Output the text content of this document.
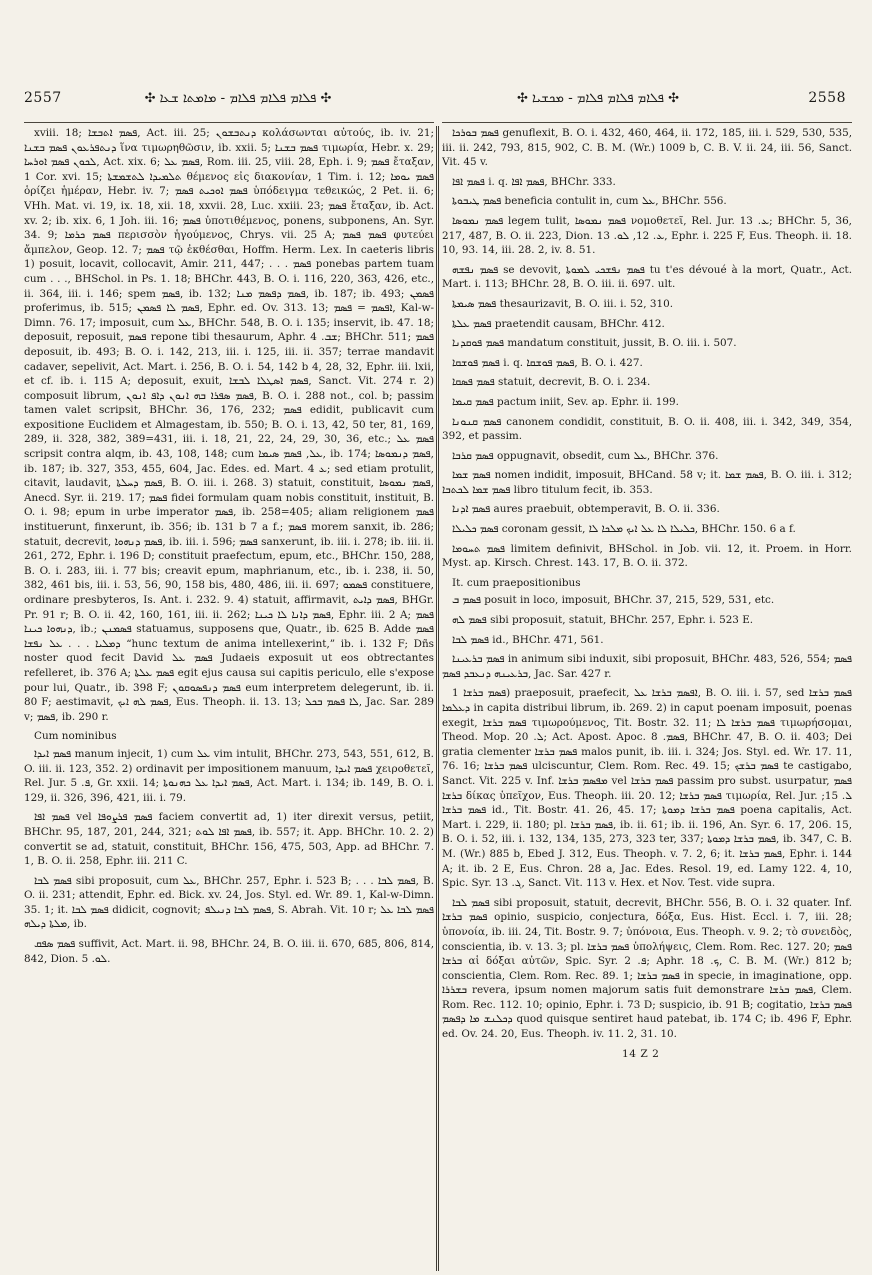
2557	✣ ܦܠܐܡ ܦܠܐܡ ܦܠܐܡ - ܡܐܡܬܐ ܫܥܐ ✣	✣ ܦܠܐܡ ܦܠܐܡ ܦܠܐܡ - ܡܟܫܝܐ ✣	2558

xviii. 18; ܦܣܡ ܐܬܒܫܐ, Act. iii. 25; ܕܢܬܒܫܘܢ κολάσωνται αὐτούς, ib. iv. 21; ܕܢܬܦܪܥܘܢ ܦܣܡ ܒܫܢܐ ἵνα τιμωρηθῶσιν, ib. xxii. 5; ܦܣܡ ܒܫܢܐ τιμωρία, Hebr. x. 29; ܠܟܘܢ ܦܣܡ ܐܘܪܚܐ, Act. xix. 6; ܦܣܡ ܥܠ, Rom. iii. 25, viii. 28, Eph. i. 9; ܦܣܡ ἔταξαν, 1 Cor. xvi. 15; ܬܠܡܝܕܐ ܠܬܫܡܫܬܐ θέμενος εἰς διακονίαν, 1 Tim. i. 12; ܦܣܡ ܝܘܡܐ ὁρίζει ἡμέραν, Hebr. iv. 7; ܦܣܡ ܐܘܟܝܬ ܦܣܡ ὑπόδειγμα τεθεικώς, 2 Pet. ii. 6; VHh. Mat. vi. 19, ix. 18, xii. 18, xxvii. 28, Luc. xxiii. 23; ܦܣܡ ἔταξαν, ib. Act. xv. 2; ib. xix. 6, 1 Joh. iii. 16; ܦܣܡ ὑποτιθέμενος, ponens, subponens, An. Syr. 34. 9; ܦܣܡ ܟܪܡܐ περισσὸν ἡγούμενος, Chrys. vii. 25 A; ܦܣܡ ܦܣܡ φυτεύει ἄμπελον, Geop. 12. 7; ܦܣܡ τῷ ἐκθέσθαι, Hoffm. Herm. Lex. In caeteris libris 1) posuit, locavit, collocavit, Amir. 211, 447; . . . ܦܣܡ ponebas partem tuam cum . . ., BHSchol. in Ps. 1. 18; BHChr. 443, B. O. i. 116, 220, 363, 426, etc., ii. 364, iii. i. 146; spem ܦܣܡ, ib. 132; ܦܣܡ ܕܦܣܡ ܡܢܐ, ib. 187; ib. 493; ܦܣܡܢ proferimus, ib. 515; ܦܣܡ ܠܐ ܦܣܡܢ, Ephr. ed. Ov. 313. 13; ܐܦܣܡ = ܦܣܡ, Kal-w-Dimn. 76. 17; imposuit, cum ܥܠ, BHChr. 548, B. O. i. 135; inservit, ib. 47. 18; deposuit, reposuit, ܦܣܡ repone tibi thesaurum, Aphr. ܫܒ. 4; BHChr. 511; ܦܣܡ deposuit, ib. 493; B. O. i. 142, 213, iii. i. 125, iii. ii. 357; terrae mandavit cadaver, sepelivit, Act. Mart. i. 256, B. O. i. 54, 142 b 4, 28, 32, Ephr. iii. lxii, et cf. ib. i. 115 A; deposuit, exuit, ܦܣܡ ܐܣܛܠܐ ܠܒܫܐ, Sanct. Vit. 274 r. 2) composuit librum, ܦܣܡ ܣܦܪܐ ܒܗ ܐܢܘܢ ܕܐܦ ܐܢܘܢ, B. O. i. 288 not., col. b; passim tamen valet scripsit, BHChr. 36, 176, 232; ܦܣܡ edidit, publicavit cum expositione Euclidem et Almagestam, ib. 550; B. O. i. 13, 42, 50 ter, 81, 169, 289, ii. 328, 382, 389=431, iii. i. 18, 21, 22, 24, 29, 30, 36, etc.; ܦܣܡ ܥܠ scripsit contra alqm, ib. 43, 108, 148; cum ܥܠ, ܦܣܡ ܣܝܡܐ, ib. 174; ܦܣܡ ܕܢܡܘܣܐ, ib. 187; ib. 327, 353, 455, 604, Jac. Edes. ed. Mart. ܥ 4; sed etiam protulit, citavit, laudavit, ܦܣܡ ܕܚܠܬܐ, B. O. iii. i. 268. 3) statuit, constituit, ܦܣܡ ܢܡܘܣܐ, Anecd. Syr. ii. 219. 17; ܦܣܡ fidei formulam quam nobis constituit, instituit, B. O. i. 98; epum in urbe imperator ܦܣܡ, ib. 258=405; aliam religionem ܦܣܡ instituerunt, finxerunt, ib. 356; ib. 131 b 7 a f.; ܦܣܡ morem sanxit, ib. 286; statuit, decrevit, ܦܣܡ ܕܢܗܘܐ, ib. iii. i. 596; ܦܣܡ sanxerunt, ib. iii. i. 278; ib. iii. ii. 261, 272, Ephr. i. 196 D; constituit praefectum, epum, etc., BHChr. 150, 288, B. O. i. 283, iii. i. 77 bis; creavit epum, maphrianum, etc., ib. i. 238, ii. 50, 382, 461 bis, iii. i. 53, 56, 90, 158 bis, 480, 486, iii. ii. 697; ܦܣܡܘ constituere, ordinare presbyteros, Is. Ant. i. 232. 9. 4) statuit, affirmavit, ܦܣܡ ܕܐܝܬ, BHGr. Pr. 91 r; B. O. ii. 42, 160, 161, iii. ii. 262; ܦܣܡ ܕܐܢܐ ܠܐ ܟܝܢܐ, Ephr. iii. 2 A; ܦܣܡ ܕܢܗܘܐ ܟܝܢܐ, ib.; ܦܣܡܢܢ statuamus, supposens que, Quatr., ib. 625 B. Adde ܦܣܡ ܕܡܠܝܐ . . . ܥܠ ܢܦܫܐ “hunc textum de anima intellexerint,” ib. i. 132 F; Dñs noster quod fecit David ܦܣܡ ܥܠ Judaeis exposuit ut eos obtrectantes refelleret, ib. 376 A; ܦܣܡ ܥܠܬܐ egit ejus causa sui capitis periculo, elle s'expose pour lui, Quatr., ib. 398 F; ܦܣܡ ܕܢܦܣܘܩܘܢ eum interpretem delegerunt, ib. ii. 80 F; aestimavit, ܦܣܡ ܠܗ ܐܝܟ, Eus. Theoph. ii. 13. 13; ܠܐ ܦܣܡ ܒܟܠ, Jac. Sar. 289 v; ܦܣܡ, ib. 290 r.

Cum nominibus

ܦܣܡ ܐܝܕܐ manum injecit, 1) cum ܥܠ vim intulit, BHChr. 273, 543, 551, 612, B. O. iii. ii. 123, 352. 2) ordinavit per impositionem manuum, ܦܣܡ ܐܝܕܐ χειροθετεῖ, Rel. Jur. ܦ. 5, Gr. xxii. 14; ܦܣܡ ܐܝܕܐ ܥܠ ܟܗܢܘܬܐ, Act. Mart. i. 134; ib. 149, B. O. i. 129, ii. 326, 396, 421, iii. i. 79.

ܦܣܡ ܐܦܐ vel ܦܣܡ ܦܪܨܘܦܐ faciem convertit ad, 1) iter direxit versus, petiit, BHChr. 95, 187, 201, 244, 321; ܦܣܡ ܐܦܐ ܠܘܬ, ib. 557; it. App. BHChr. 10. 2. 2) convertit se ad, statuit, constituit, BHChr. 156, 475, 503, App. ad BHChr. 7. 1, B. O. ii. 258, Ephr. iii. 211 C.

ܦܣܡ ܠܒܐ sibi proposuit, cum ܥܠ, BHChr. 257, Ephr. i. 523 B; . . . ܦܣܡ ܠܒܐ, B. O. ii. 231; attendit, Ephr. ed. Bick. xv. 24, Jos. Styl. ed. Wr. 89. 1, Kal-w-Dimn. 35. 1; it. ܦܣܡ ܠܒܐ didicit, cognovit; ܦܣܡ ܠܒܐ ܕܢܝܠܦ, S. Abrah. Vit. 10 r; ܦܣܡ ܠܒܐ ܥܠ ܡܠܬܐ ܕܝܠܗ, ib.

ܦܣܡ ܣܦܩ suffivit, Act. Mart. ii. 98, BHChr. 24, B. O. iii. ii. 670, 685, 806, 814, 842, Dion. ܠܘ. 5.

ܦܣܡ ܒܘܪܟܐ genuflexit, B. O. i. 432, 460, 464, ii. 172, 185, iii. i. 529, 530, 535, iii. ii. 242, 793, 815, 902, C. B. M. (Wr.) 1009 b, C. B. V. ii. 24, iii. 56, Sanct. Vit. 45 v.

ܦܣܡ ܐܦܐ i. q. ܦܣܡ ܐܦܐ, BHChr. 333.

ܦܣܡ ܛܝܒܘܬܐ beneficia contulit in, cum ܥܠ, BHChr. 556.

ܦܣܡ ܢܡܘܣܐ legem tulit, ܦܣܡ ܢܡܘܣܐ νομοθετεῖ, Rel. Jur. ܥ. 13; BHChr. 5, 36, 217, 487, B. O. ii. 223, Dion. ܥ. 12, ܠܘ. 13, Ephr. i. 225 F, Eus. Theoph. ii. 18. 10, 93. 14, iii. 28. 2, iv. 8. 51.

ܦܣܡ ܢܦܫܗ se devovit, ܦܣܡ ܢܦܫܟܝ ܠܡܘܬܐ tu t'es dévoué à la mort, Quatr., Act. Mart. i. 113; BHChr. 28, B. O. iii. ii. 697. ult.

ܦܣܡ ܣܝܡܬܐ thesaurizavit, B. O. iii. i. 52, 310.

ܦܣܡ ܥܠܬܐ praetendit causam, BHChr. 412.

ܦܣܡ ܦܘܩܕܢܐ mandatum constituit, jussit, B. O. iii. i. 507.

ܦܣܡ ܦܘܫܩܐ i. q. ܦܣܡ ܦܘܫܩܐ, B. O. i. 427.

ܦܣܡ ܦܣܩܐ statuit, decrevit, B. O. i. 234.

ܦܣܡ ܩܝܡܐ pactum iniit, Sev. ap. Ephr. ii. 199.

ܦܣܡ ܩܢܘܢܐ canonem condidit, constituit, B. O. ii. 408, iii. i. 342, 349, 354, 392, et passim.

ܦܣܡ ܩܪܒܐ oppugnavit, obsedit, cum ܥܠ, BHChr. 376.

ܦܣܡ ܫܡܐ nomen indidit, imposuit, BHCand. 58 v; it. ܦܣܡ ܫܡܐ, B. O. iii. i. 312; ܦܣܡ ܫܡܐ ܠܟܬܒܐ libro titulum fecit, ib. 353.

ܦܣܡ ܐܕܢܐ aures praebuit, obtemperavit, B. O. ii. 336.

ܦܣܡ ܟܠܝܠܐ coronam gessit, ܟܠܝܠܐ ܠܐ ܥܠ ܐܝܟ ܡܠܟܐ ܠܐ, BHChr. 150. 6 a f.

ܦܣܡ ܬܚܘܡܐ limitem definivit, BHSchol. in Job. vii. 12, it. Proem. in Horr. Myst. ap. Kirsch. Chrest. 143. 17, B. O. ii. 372.

It. cum praepositionibus

ܦܣܡ ܒ posuit in loco, imposuit, BHChr. 37, 215, 529, 531, etc.

ܦܣܡ ܠܗ sibi proposuit, statuit, BHChr. 257, Ephr. i. 523 E.

ܦܣܡ ܠܒܐ id., BHChr. 471, 561.

ܦܣܡ ܒܪܥܝܢܐ in animum sibi induxit, sibi proposuit, BHChr. 483, 526, 554; ܦܣܡ ܒܪܥܝܢܗ ܕܢܥܒܕ ܦܣܡ, Jac. Sar. 427 r.

ܦܣܡ ܒܪܫܐ 1) praeposuit, praefecit, ܐܦܣܡ ܒܪܫܐ ܥܠ, B. O. iii. i. 57, sed ܦܣܡ ܒܪܫܐ ܕܥܠܡܐ in capita distribui librum, ib. 269. 2) in caput poenam imposuit, poenas exegit, ܦܣܡ ܒܪܫܐ τιμωρούμενος, Tit. Bostr. 32. 11; ܦܣܡ ܒܪܫܐ ܠܐ τιμωρήσομαι, Theod. Mop. ܠ. 20; Act. Apost. Apoc. ܦܣܡ. 8, BHChr. 47, B. O. ii. 403; Dei gratia clementer ܦܣܡ ܒܪܫܐ malos punit, ib. iii. i. 324; Jos. Styl. ed. Wr. 17. 11, 76. 16; ܦܣܡ ܒܪܫܐ ulciscuntur, Clem. Rom. Rec. 49. 15; ܦܣܡ ܒܪܫܟ te castigabo, Sanct. Vit. 225 v. Inf. ܡܦܣܡ ܒܪܫܐ vel ܦܣܡ ܒܪܫܐ passim pro subst. usurpatur, ܦܣܡ ܒܪܫܐ δίκας ὑπεῖχον, Eus. Theoph. iii. 20. 12; ܦܣܡ ܒܪܫܐ τιμωρία, Rel. Jur. ܠ. 15; ܦܣܡ ܒܪܫܐ id., Tit. Bostr. 41. 26, 45. 17; ܦܣܡ ܒܪܫܐ ܕܡܘܬܐ poena capitalis, Act. Mart. i. 229, ii. 180; pl. ܦܣܡ ܒܪܫܐ, ib. ii. 61; ib. ii. 196, An. Syr. 6. 17, 206. 15, B. O. i. 52, iii. i. 132, 134, 135, 273, 323 ter, 337; ܦܣܡ ܒܪܫܐ ܕܡܘܬܐ, ib. 347, C. B. M. (Wr.) 885 b, Ebed J. 312, Eus. Theoph. v. 7. 2, 6; it. ܦܣܡ ܒܪܫܐ, Ephr. i. 144 A; it. ib. 2 E, Eus. Chron. 28 a, Jac. Edes. Resol. 19, ed. Lamy 122. 4, 10, Spic. Syr. ܓ. 13, Sanct. Vit. 113 v. Hex. et Nov. Test. vide supra.

ܦܣܡ ܠܒܐ sibi proposuit, statuit, decrevit, BHChr. 556, B. O. i. 32 quater. Inf. ܦܣܡ ܒܪܫܐ opinio, suspicio, conjectura, δόξα, Eus. Hist. Eccl. i. 7, iii. 28; ὑπονοία, ib. iii. 24, Tit. Bostr. 9. 7; ὑπόνοια, Eus. Theoph. v. 9. 2; τὸ συνειδὸς, conscientia, ib. v. 13. 3; pl. ܦܣܡ ܒܪܫܐ ὑπολήψεις, Clem. Rom. Rec. 127. 20; ܦܣܡ ܒܪܫܐ αἱ δόξαι αὐτῶν, Spic. Syr. ܦ. 2; Aphr. ܟ. 18, C. B. M. (Wr.) 812 b; conscientia, Clem. Rom. Rec. 89. 1; ܦܣܡ ܒܪܫܐ in specie, in imaginatione, opp. ܒܫܪܪܐ revera, ipsum nomen majorum satis fuit demonstrare ܦܣܡ ܒܪܫܐ, Clem. Rom. Rec. 112. 10; opinio, Ephr. i. 73 D; suspicio, ib. 91 B; cogitatio, ܦܣܡ ܒܪܫܐ ܕܟܠܢܫ ܡܐ ܕܦܣܡ quod quisque sentiret haud patebat, ib. 174 C; ib. 496 F, Ephr. ed. Ov. 24. 20, Eus. Theoph. iv. 11. 2, 31. 10.

14 Z 2
